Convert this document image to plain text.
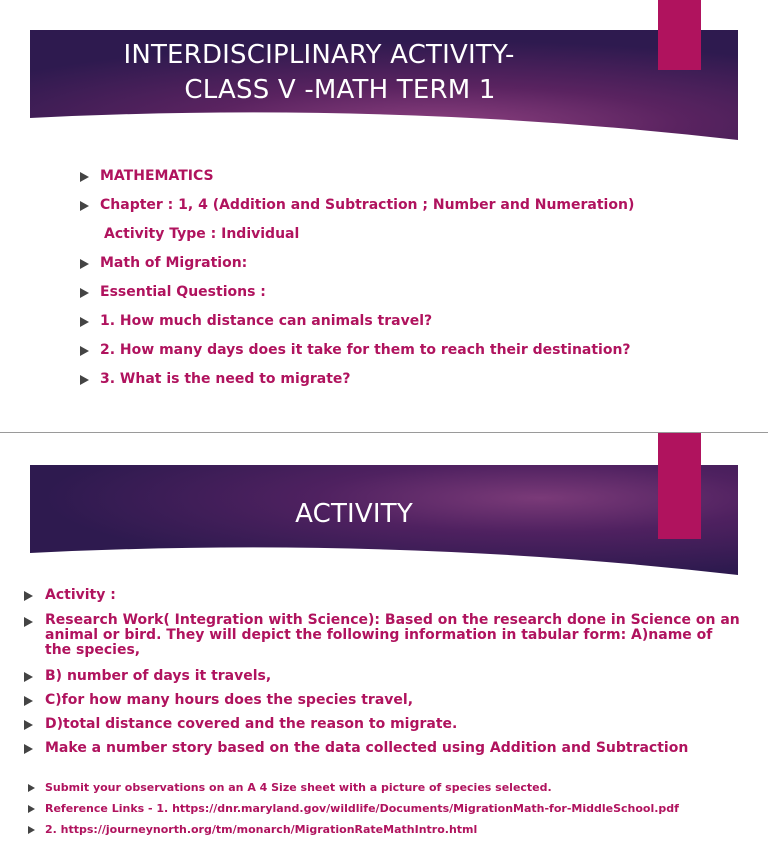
INTERDISCIPLINARY ACTIVITY-
CLASS V -MATH TERM 1
MATHEMATICS
Chapter : 1, 4 (Addition and Subtraction ; Number and Numeration)
Activity Type : Individual
Math of Migration:
Essential Questions :
1. How much distance can animals travel?
2. How many days does it take for them to reach their destination?
3. What is the need to migrate?
ACTIVITY
Activity :
Research Work( Integration with Science): Based on the research done in Science on an animal or bird. They will depict the following information in tabular form: A)name of the species,
B) number of days it travels,
C)for how many hours does the species travel,
D)total distance covered and the reason to migrate.
Make a number story based on the data collected using Addition and Subtraction
Submit your observations on an A 4 Size sheet with a picture of species selected.
Reference Links - 1. https://dnr.maryland.gov/wildlife/Documents/MigrationMath-for-MiddleSchool.pdf
2. https://journeynorth.org/tm/monarch/MigrationRateMathIntro.html
